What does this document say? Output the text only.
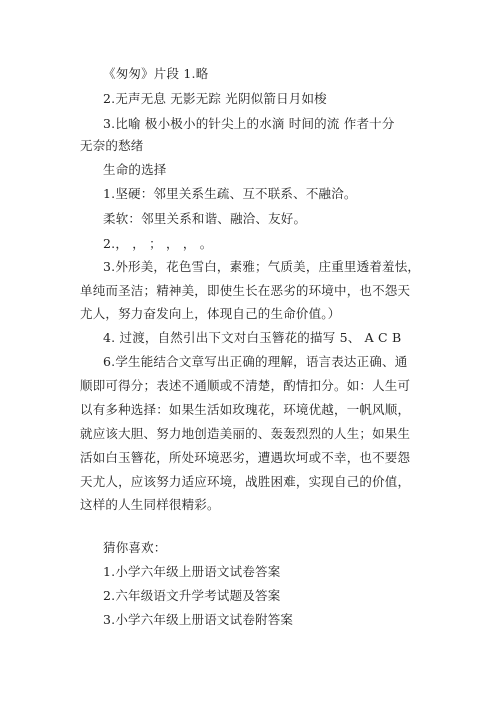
《匆匆》片段 1.略
2.无声无息 无影无踪 光阴似箭日月如梭
3.比喻 极小极小的针尖上的水滴 时间的流 作者十分
无奈的愁绪
生命的选择
1.坚硬：邻里关系生疏、互不联系、不融洽。
柔软：邻里关系和谐、融洽、友好。
2.， ， ； ， ， 。
3.外形美，花色雪白，素雅；气质美，庄重里透着羞怯，
单纯而圣洁；精神美，即使生长在恶劣的环境中，也不怨天
尤人，努力奋发向上，体现自己的生命价值。）
4. 过渡，自然引出下文对白玉簪花的描写 5、 A C B
6.学生能结合文章写出正确的理解，语言表达正确、通
顺即可得分；表述不通顺或不清楚，酌情扣分。如：人生可
以有多种选择：如果生活如玫瑰花，环境优越，一帆风顺，
就应该大胆、努力地创造美丽的、轰轰烈烈的人生；如果生
活如白玉簪花，所处环境恶劣，遭遇坎坷或不幸，也不要怨
天尤人，应该努力适应环境，战胜困难，实现自己的价值，
这样的人生同样很精彩。
猜你喜欢：
1.小学六年级上册语文试卷答案
2.六年级语文升学考试题及答案
3.小学六年级上册语文试卷附答案
